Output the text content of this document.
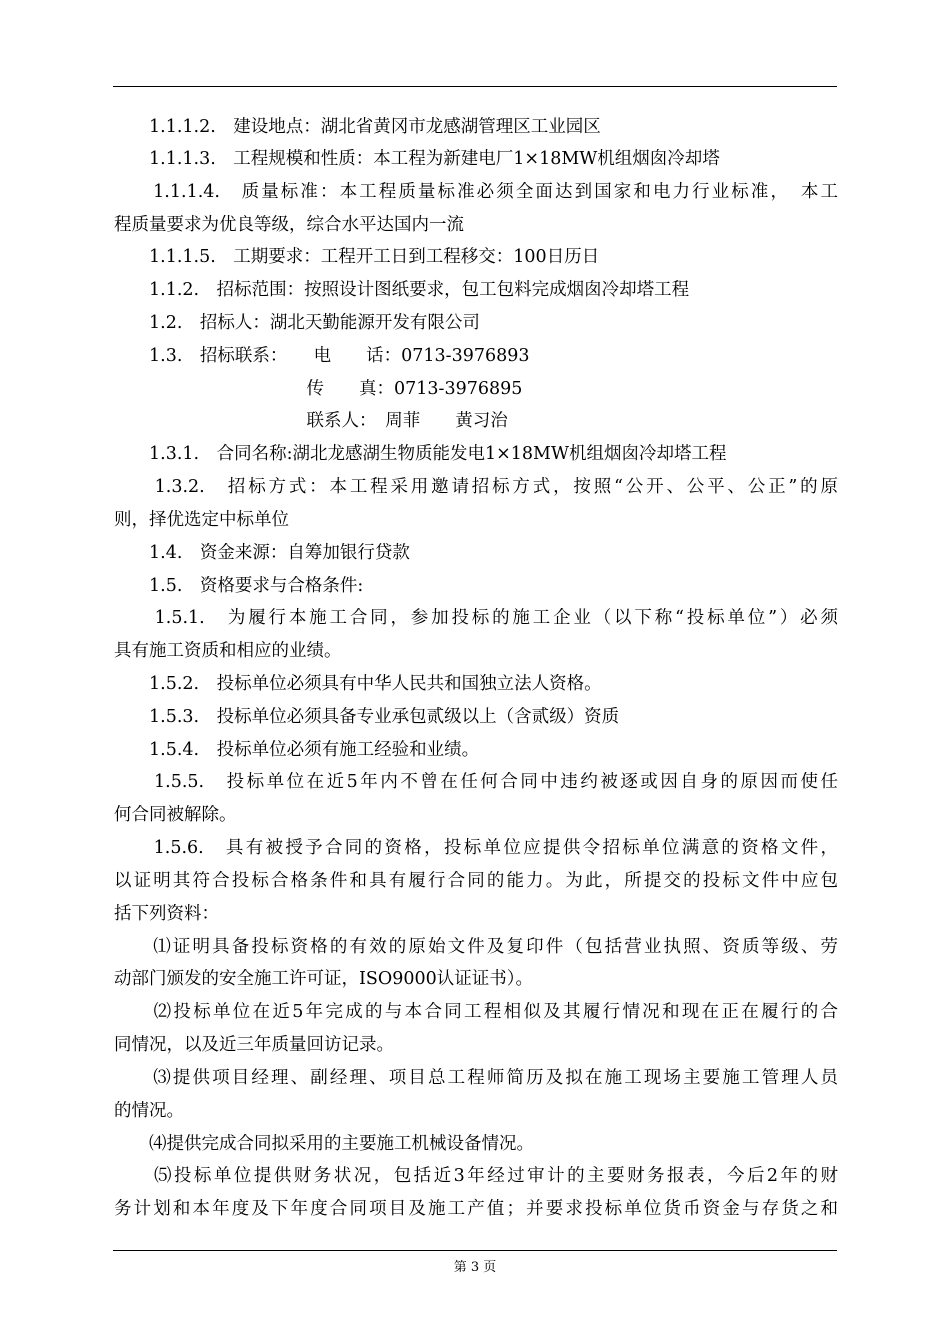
　　1.1.1.2.　建设地点：湖北省黄冈市龙感湖管理区工业园区
　　1.1.1.3.　工程规模和性质：本工程为新建电厂1×18MW机组烟囱冷却塔
　　1.1.1.4.　质量标准：本工程质量标准必须全面达到国家和电力行业标准，　本工
程质量要求为优良等级，综合水平达国内一流
　　1.1.1.5.　工期要求：工程开工日到工程移交：100日历日
　　1.1.2.　招标范围：按照设计图纸要求，包工包料完成烟囱冷却塔工程
　　1.2.　招标人：湖北天勤能源开发有限公司
　　1.3.　招标联系：　　电　　话：0713-3976893
　　　　　　　　　　　传　　真：0713-3976895
　　　　　　　　　　　联系人：　周菲　　黄习治
　　1.3.1.　合同名称:湖北龙感湖生物质能发电1×18MW机组烟囱冷却塔工程
　　1.3.2.　招标方式：本工程采用邀请招标方式，按照“公开、公平、公正”的原
则，择优选定中标单位
　　1.4.　资金来源：自筹加银行贷款
　　1.5.　资格要求与合格条件:
　　1.5.1.　为履行本施工合同，参加投标的施工企业（以下称“投标单位”）必须
具有施工资质和相应的业绩。
　　1.5.2.　投标单位必须具有中华人民共和国独立法人资格。
　　1.5.3.　投标单位必须具备专业承包贰级以上（含贰级）资质
　　1.5.4.　投标单位必须有施工经验和业绩。
　　1.5.5.　投标单位在近5年内不曾在任何合同中违约被逐或因自身的原因而使任
何合同被解除。
　　1.5.6.　具有被授予合同的资格，投标单位应提供令招标单位满意的资格文件，
以证明其符合投标合格条件和具有履行合同的能力。为此，所提交的投标文件中应包
括下列资料：
　　⑴证明具备投标资格的有效的原始文件及复印件（包括营业执照、资质等级、劳
动部门颁发的安全施工许可证，ISO9000认证证书）。
　　⑵投标单位在近5年完成的与本合同工程相似及其履行情况和现在正在履行的合
同情况，以及近三年质量回访记录。
　　⑶提供项目经理、副经理、项目总工程师简历及拟在施工现场主要施工管理人员
的情况。
　　⑷提供完成合同拟采用的主要施工机械设备情况。
　　⑸投标单位提供财务状况，包括近3年经过审计的主要财务报表，今后2年的财
务计划和本年度及下年度合同项目及施工产值；并要求投标单位货币资金与存货之和
第 3 页
